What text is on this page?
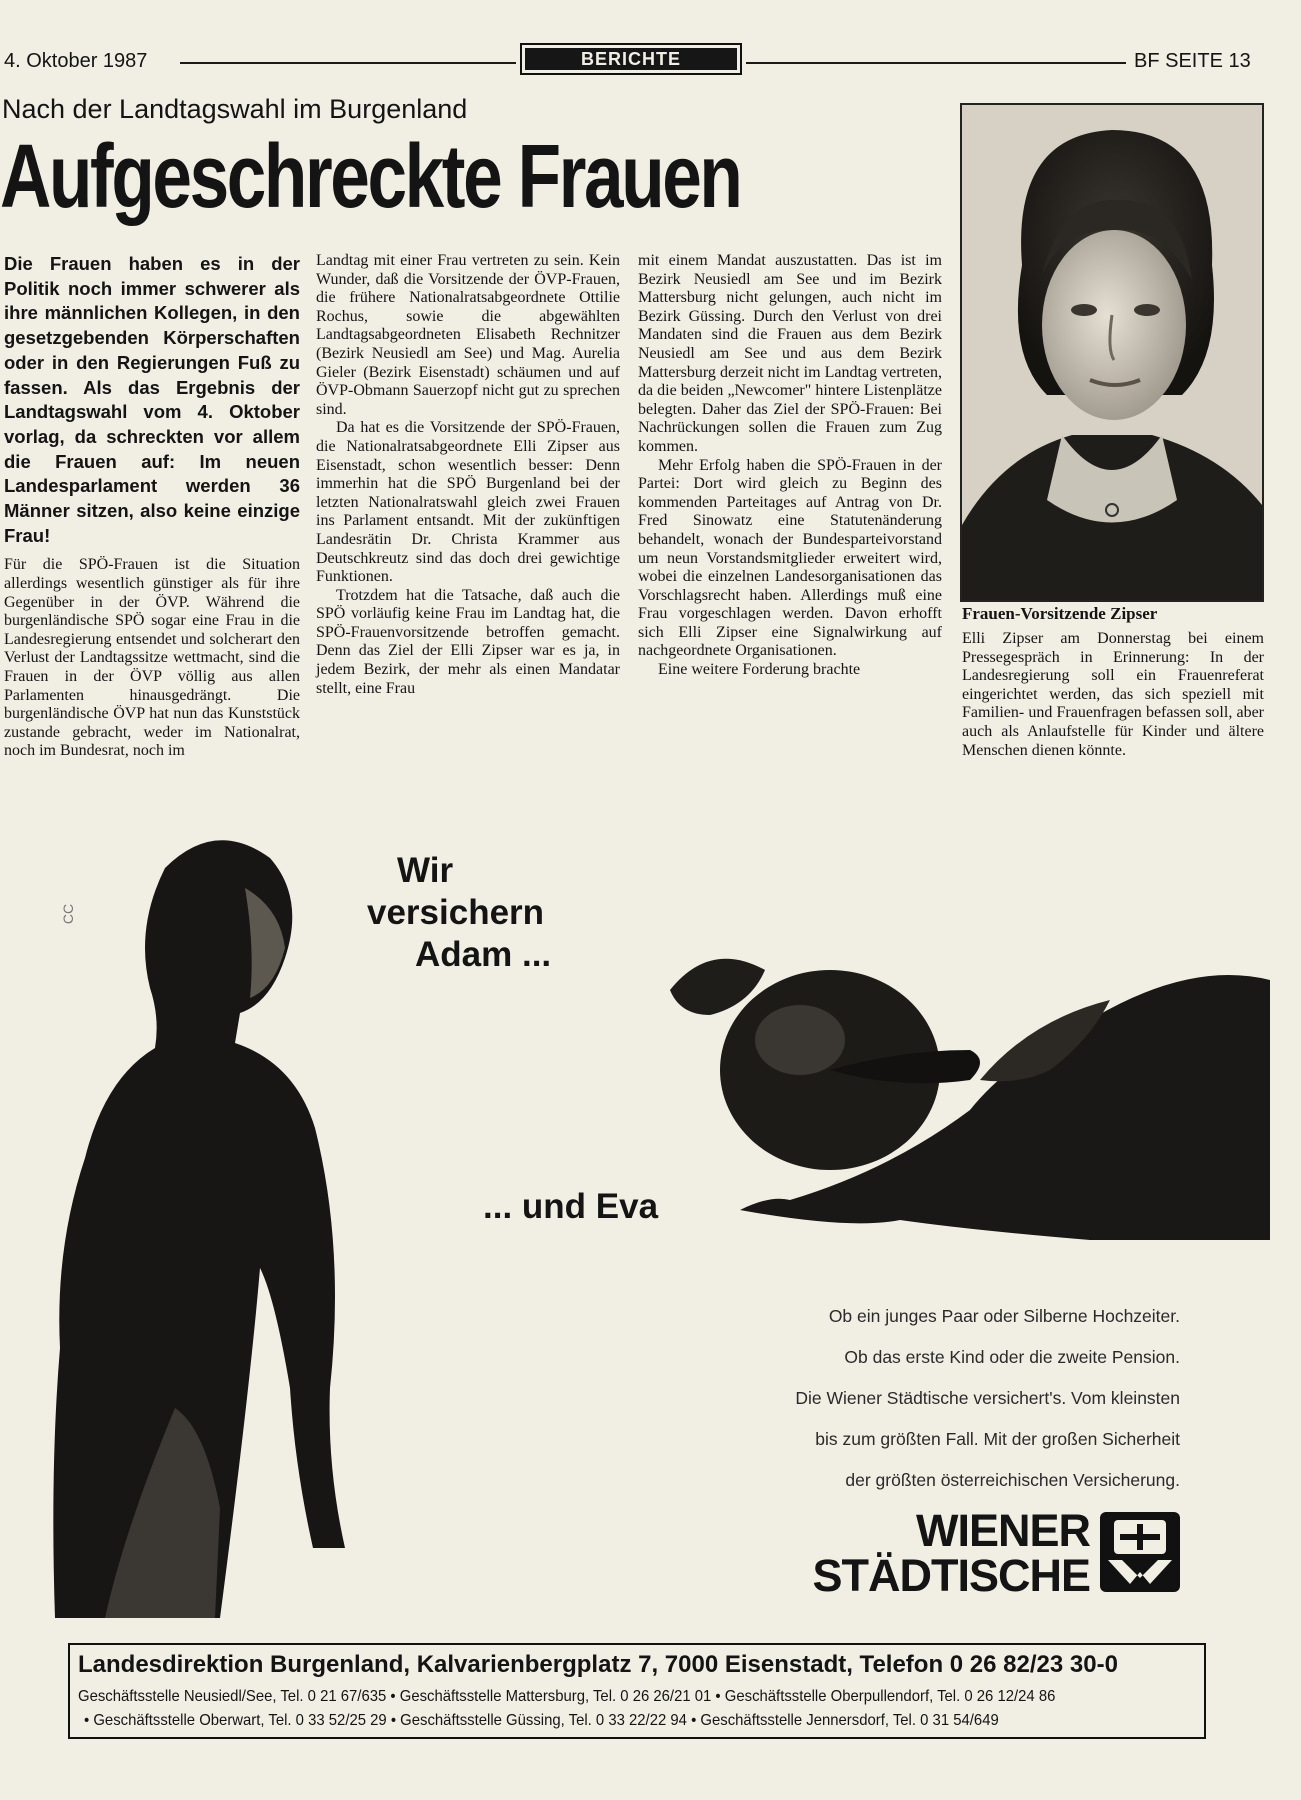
4. Oktober 1987	BERICHTE	BF SEITE 13
Nach der Landtagswahl im Burgenland
Aufgeschreckte Frauen

Die Frauen haben es in der Politik noch immer schwerer als ihre männlichen Kollegen, in den gesetzgebenden Körperschaften oder in den Regierungen Fuß zu fassen. Als das Ergebnis der Landtagswahl vom 4. Oktober vorlag, da schreckten vor allem die Frauen auf: Im neuen Landesparlament werden 36 Männer sitzen, also keine einzige Frau!

Für die SPÖ-Frauen ist die Situation allerdings wesentlich günstiger als für ihre Gegenüber in der ÖVP. Während die burgenländische SPÖ sogar eine Frau in die Landesregierung entsendet und solcherart den Verlust der Landtagssitze wettmacht, sind die Frauen in der ÖVP völlig aus allen Parlamenten hinausgedrängt. Die burgenländische ÖVP hat nun das Kunststück zustande gebracht, weder im Nationalrat, noch im Bundesrat, noch im

Landtag mit einer Frau vertreten zu sein. Kein Wunder, daß die Vorsitzende der ÖVP-Frauen, die frühere Nationalratsabgeordnete Ottilie Rochus, sowie die abgewählten Landtagsabgeordneten Elisabeth Rechnitzer (Bezirk Neusiedl am See) und Mag. Aurelia Gieler (Bezirk Eisenstadt) schäumen und auf ÖVP-Obmann Sauerzopf nicht gut zu sprechen sind.

Da hat es die Vorsitzende der SPÖ-Frauen, die Nationalratsabgeordnete Elli Zipser aus Eisenstadt, schon wesentlich besser: Denn immerhin hat die SPÖ Burgenland bei der letzten Nationalratswahl gleich zwei Frauen ins Parlament entsandt. Mit der zukünftigen Landesrätin Dr. Christa Krammer aus Deutschkreutz sind das doch drei gewichtige Funktionen.

Trotzdem hat die Tatsache, daß auch die SPÖ vorläufig keine Frau im Landtag hat, die SPÖ-Frauenvorsitzende betroffen gemacht. Denn das Ziel der Elli Zipser war es ja, in jedem Bezirk, der mehr als einen Mandatar stellt, eine Frau

mit einem Mandat auszustatten. Das ist im Bezirk Neusiedl am See und im Bezirk Mattersburg nicht gelungen, auch nicht im Bezirk Güssing. Durch den Verlust von drei Mandaten sind die Frauen aus dem Bezirk Neusiedl am See und aus dem Bezirk Mattersburg derzeit nicht im Landtag vertreten, da die beiden „Newcomer" hintere Listenplätze belegten. Daher das Ziel der SPÖ-Frauen: Bei Nachrückungen sollen die Frauen zum Zug kommen.

Mehr Erfolg haben die SPÖ-Frauen in der Partei: Dort wird gleich zu Beginn des kommenden Parteitages auf Antrag von Dr. Fred Sinowatz eine Statutenänderung behandelt, wonach der Bundesparteivorstand um neun Vorstandsmitglieder erweitert wird, wobei die einzelnen Landesorganisationen das Vorschlagsrecht haben. Allerdings muß eine Frau vorgeschlagen werden. Davon erhofft sich Elli Zipser eine Signalwirkung auf nachgeordnete Organisationen.

Eine weitere Forderung brachte

Frauen-Vorsitzende Zipser

Elli Zipser am Donnerstag bei einem Pressegespräch in Erinnerung: In der Landesregierung soll ein Frauenreferat eingerichtet werden, das sich speziell mit Familien- und Frauenfragen befassen soll, aber auch als Anlaufstelle für Kinder und ältere Menschen dienen könnte.

CC
Wir
versichern
Adam ...
... und Eva
Ob ein junges Paar oder Silberne Hochzeiter.
Ob das erste Kind oder die zweite Pension.
Die Wiener Städtische versichert's. Vom kleinsten
bis zum größten Fall. Mit der großen Sicherheit
der größten österreichischen Versicherung.
WIENER
STÄDTISCHE
Landesdirektion Burgenland, Kalvarienbergplatz 7, 7000 Eisenstadt, Telefon 0 26 82/23 30-0
Geschäftsstelle Neusiedl/See, Tel. 0 21 67/635 • Geschäftsstelle Mattersburg, Tel. 0 26 26/21 01 • Geschäftsstelle Oberpullendorf, Tel. 0 26 12/24 86
• Geschäftsstelle Oberwart, Tel. 0 33 52/25 29 • Geschäftsstelle Güssing, Tel. 0 33 22/22 94 • Geschäftsstelle Jennersdorf, Tel. 0 31 54/649
